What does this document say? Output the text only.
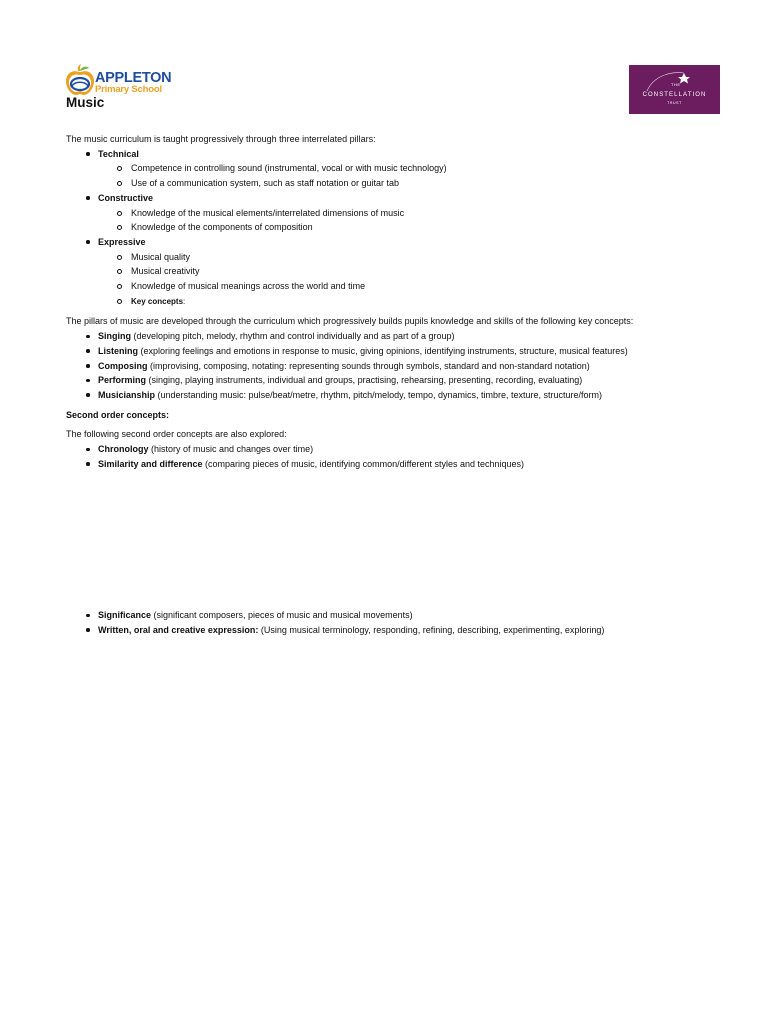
APPLETON
Primary School	THE
CONSTELLATION
TRUST
Music

The music curriculum is taught progressively through three interrelated pillars:

Technical
Competence in controlling sound (instrumental, vocal or with music technology)
Use of a communication system, such as staff notation or guitar tab
Constructive
Knowledge of the musical elements/interrelated dimensions of music
Knowledge of the components of composition
Expressive
Musical quality
Musical creativity
Knowledge of musical meanings across the world and time
Key concepts:

The pillars of music are developed through the curriculum which progressively builds pupils knowledge and skills of the following key concepts:

Singing (developing pitch, melody, rhythm and control individually and as part of a group)
Listening (exploring feelings and emotions in response to music, giving opinions, identifying instruments, structure, musical features)
Composing (improvising, composing, notating: representing sounds through symbols, standard and non-standard notation)
Performing (singing, playing instruments, individual and groups, practising, rehearsing, presenting, recording, evaluating)
Musicianship (understanding music: pulse/beat/metre, rhythm, pitch/melody, tempo, dynamics, timbre, texture, structure/form)

Second order concepts:

The following second order concepts are also explored:

Chronology (history of music and changes over time)
Similarity and difference (comparing pieces of music, identifying common/different styles and techniques)
Significance (significant composers, pieces of music and musical movements)
Written, oral and creative expression: (Using musical terminology, responding, refining, describing, experimenting, exploring)
